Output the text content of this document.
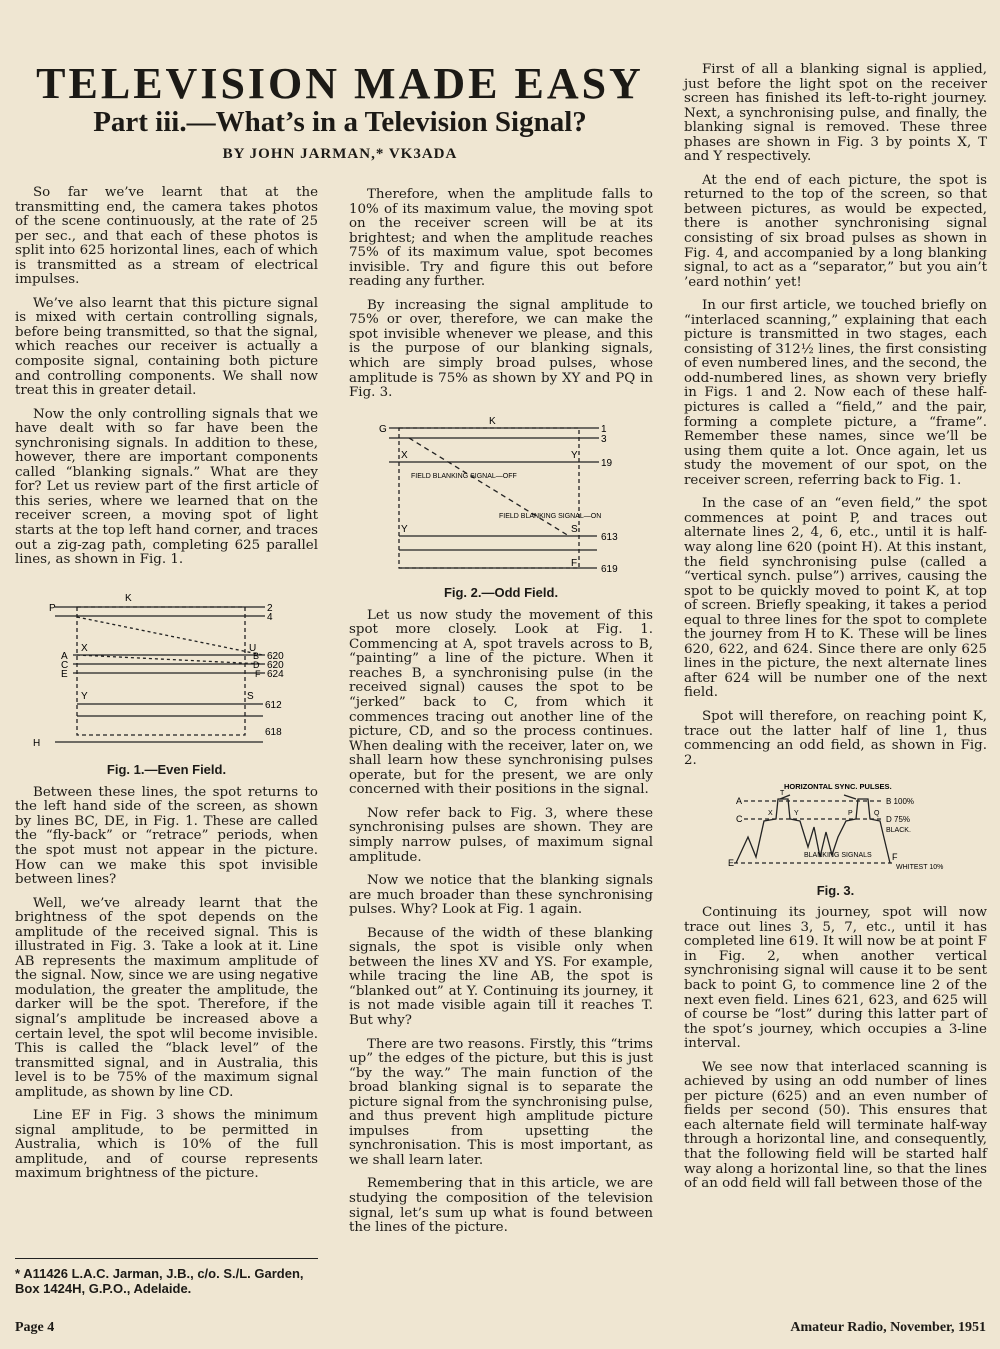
TELEVISION MADE EASY
Part iii.—What’s in a Television Signal?
BY JOHN JARMAN,* VK3ADA

So far we’ve learnt that at the transmitting end, the camera takes photos of the scene continuously, at the rate of 25 per sec., and that each of these photos is split into 625 horizontal lines, each of which is transmitted as a stream of electrical impulses.

We’ve also learnt that this picture signal is mixed with certain controlling signals, before being transmitted, so that the signal, which reaches our receiver is actually a composite signal, containing both picture and controlling components. We shall now treat this in greater detail.

Now the only controlling signals that we have dealt with so far have been the synchronising signals. In addition to these, however, there are important components called “blanking signals.” What are they for? Let us review part of the first article of this series, where we learned that on the receiver screen, a moving spot of light starts at the top left hand corner, and traces out a zig-zag path, completing 625 parallel lines, as shown in Fig. 1.

P
K
2
4
X
A
C
E
U
B 620
D 620
F 624
Y	S
612
H
618
Fig. 1.—Even Field.

Between these lines, the spot returns to the left hand side of the screen, as shown by lines BC, DE, in Fig. 1. These are called the “fly-back” or “retrace” periods, when the spot must not appear in the picture. How can we make this spot invisible between lines?

Well, we’ve already learnt that the brightness of the spot depends on the amplitude of the received signal. This is illustrated in Fig. 3. Take a look at it. Line AB represents the maximum amplitude of the signal. Now, since we are using negative modulation, the greater the amplitude, the darker will be the spot. Therefore, if the signal’s amplitude be increased above a certain level, the spot wlil become invisible. This is called the “black level” of the transmitted signal, and in Australia, this level is to be 75% of the maximum signal amplitude, as shown by line CD.

Line EF in Fig. 3 shows the minimum signal amplitude, to be permitted in Australia, which is 10% of the full amplitude, and of course represents maximum brightness of the picture.

* A11426 L.A.C. Jarman, J.B., c/o. S./L. Garden, Box 1424H, G.P.O., Adelaide.

Therefore, when the amplitude falls to 10% of its maximum value, the moving spot on the receiver screen will be at its brightest; and when the amplitude reaches 75% of its maximum value, spot becomes invisible. Try and figure this out before reading any further.

By increasing the signal amplitude to 75% or over, therefore, we can make the spot invisible whenever we please, and this is the purpose of our blanking signals, which are simply broad pulses, whose amplitude is 75% as shown by XY and PQ in Fig. 3.

K
G	1
3
X	Y
19
FIELD BLANKING SIGNAL—OFF
FIELD BLANKING SIGNAL—ON
Y	S
613
F
619
Fig. 2.—Odd Field.

Let us now study the movement of this spot more closely. Look at Fig. 1. Commencing at A, spot travels across to B, “painting” a line of the picture. When it reaches B, a synchronising pulse (in the received signal) causes the spot to be “jerked” back to C, from which it commences tracing out another line of the picture, CD, and so the process continues. When dealing with the receiver, later on, we shall learn how these synchronising pulses operate, but for the present, we are only concerned with their positions in the signal.

Now refer back to Fig. 3, where these synchronising pulses are shown. They are simply narrow pulses, of maximum signal amplitude.

Now we notice that the blanking signals are much broader than these synchronising pulses. Why? Look at Fig. 1 again.

Because of the width of these blanking signals, the spot is visible only when between the lines XV and YS. For example, while tracing the line AB, the spot is “blanked out” at Y. Continuing its journey, it is not made visible again till it reaches T. But why?

There are two reasons. Firstly, this “trims up” the edges of the picture, but this is just “by the way.” The main function of the broad blanking signal is to separate the picture signal from the synchronising pulse, and thus prevent high amplitude picture impulses from upsetting the synchronisation. This is most important, as we shall learn later.

Remembering that in this article, we are studying the composition of the television signal, let’s sum up what is found between the lines of the picture.

First of all a blanking signal is applied, just before the light spot on the receiver screen has finished its left-to-right journey. Next, a synchronising pulse, and finally, the blanking signal is removed. These three phases are shown in Fig. 3 by points X, T and Y respectively.

At the end of each picture, the spot is returned to the top of the screen, so that between pictures, as would be expected, there is another synchronising signal consisting of six broad pulses as shown in Fig. 4, and accompanied by a long blanking signal, to act as a “separator,” but you ain’t ’eard nothin’ yet!

In our first article, we touched briefly on “interlaced scanning,” explaining that each picture is transmitted in two stages, each consisting of 312½ lines, the first consisting of even numbered lines, and the second, the odd-numbered lines, as shown very briefly in Figs. 1 and 2. Now each of these half-pictures is called a “field,” and the pair, forming a complete picture, a “frame”. Remember these names, since we’ll be using them quite a lot. Once again, let us study the movement of our spot, on the receiver screen, referring back to Fig. 1.

In the case of an “even field,” the spot commences at point P, and traces out alternate lines 2, 4, 6, etc., until it is half-way along line 620 (point H). At this instant, the field synchronising pulse (called a “vertical synch. pulse”) arrives, causing the spot to be quickly moved to point K, at top of screen. Briefly speaking, it takes a period equal to three lines for the spot to complete the journey from H to K. These will be lines 620, 622, and 624. Since there are only 625 lines in the picture, the next alternate lines after 624 will be number one of the next field.

Spot will therefore, on reaching point K, trace out the latter half of line 1, thus commencing an odd field, as shown in Fig. 2.

HORIZONTAL SYNC. PULSES.
A	B 100%
C	D 75%
BLACK.
BLANKING SIGNALS
E
F
WHITEST 10%
X
T
Y	P	Q
Fig. 3.

Continuing its journey, spot will now trace out lines 3, 5, 7, etc., until it has completed line 619. It will now be at point F in Fig. 2, when another vertical synchronising signal will cause it to be sent back to point G, to commence line 2 of the next even field. Lines 621, 623, and 625 will of course be “lost” during this latter part of the spot’s journey, which occupies a 3-line interval.

We see now that interlaced scanning is achieved by using an odd number of lines per picture (625) and an even number of fields per second (50). This ensures that each alternate field will terminate half-way through a horizontal line, and consequently, that the following field will be started half way along a horizontal line, so that the lines of an odd field will fall between those of the

Page 4	Amateur Radio, November, 1951
